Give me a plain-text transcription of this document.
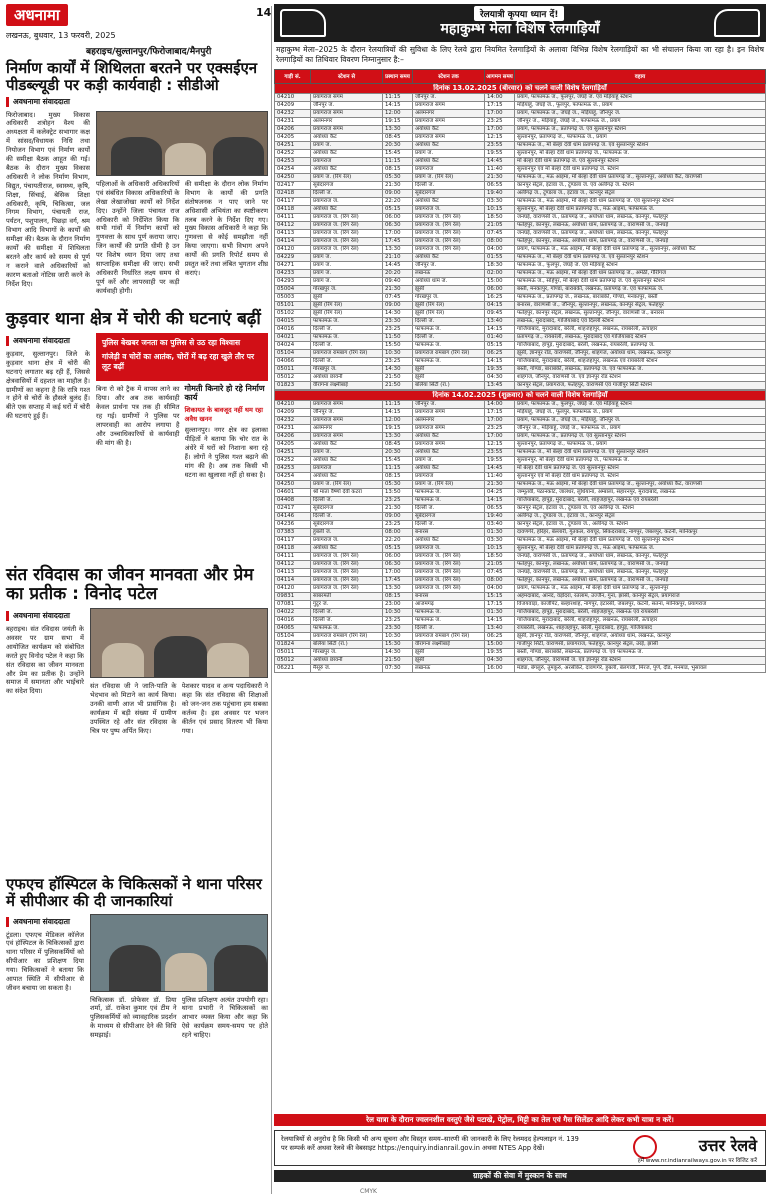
अधनामा	14
लखनऊ, बुधवार, 13 फरवरी, 2025
बहराइच/सुल्तानपुर/फिरोजाबाद/मैनपुरी
निर्माण कार्यों में शिथिलता बरतने पर एक्सईएन पीडब्ल्यूडी पर कड़ी कार्यवाही : सीडीओ
अवधनामा संवाददाता
फिरोजाबाद। मुख्य विकास अधिकारी शत्रोहन वैश्य की अध्यक्षता में कलेक्ट्रेट सभागार कक्ष में सांसद/विधायक निधि तथा नियोजन विभाग एवं निर्माण कार्यों की समीक्षा बैठक आहूत की गई। बैठक के दौरान मुख्य विकास अधिकारी ने लोक निर्माण विभाग, विद्युत, पंचायतीराज, स्वास्थ्य, कृषि, शिक्षा, सिंचाई, बेसिक शिक्षा अधिकारी, कृषि, चिकित्सा, जल निगम विभाग, पंचायती राज, पर्यटन, पशुपालन, पिछड़ा वर्ग, श्रम विभाग आदि विभागों के कार्यों की समीक्षा की। बैठक के दौरान निर्माण कार्यों की समीक्षा में शिथिलता बरतने और कार्य को समय से पूर्ण न कराने वाले अधिकारियों को कारण बताओ नोटिस जारी करने के निर्देश दिए।
पहिलाओं के अधिकारी अधिकारियों एवं संबंधित विकास अधिकारियों के लेखा लेखाजोखा कार्यों को निर्देश दिए। उन्होंने जिला पंचायत राज अधिकारी को निर्देशित किया कि सभी गांवों में निर्माण कार्यों को गुणवत्ता के साथ पूर्ण कराया जाए। जिन कार्यों की प्रगति धीमी है उन पर विशेष ध्यान दिया जाए तथा साप्ताहिक समीक्षा की जाए। सभी अधिकारी निर्धारित लक्ष्य समय से पूर्ण करें और लापरवाही पर कड़ी कार्यवाही होगी।
की समीक्षा के दौरान लोक निर्माण विभाग के कार्यों की प्रगति संतोषजनक न पाए जाने पर अधिशासी अभियंता का स्पष्टीकरण तलब करने के निर्देश दिए गए। मुख्य विकास अधिकारी ने कहा कि गुणवत्ता से कोई समझौता नहीं किया जाएगा। सभी विभाग अपने कार्यों की प्रगति रिपोर्ट समय से प्रस्तुत करें तथा लंबित भुगतान शीघ्र कराएं।
कुड़वार थाना क्षेत्र में चोरी की घटनाएं बढ़ीं
अवधनामा संवाददाता
कुड़वार, सुल्तानपुर। जिले के कुड़वार थाना क्षेत्र में चोरी की घटनाएं लगातार बढ़ रही हैं, जिससे क्षेत्रवासियों में दहशत का माहौल है। ग्रामीणों का कहना है कि रात्रि गश्त न होने से चोरों के हौसले बुलंद हैं। बीते एक सप्ताह में कई घरों में चोरी की घटनाएं हुई हैं।
पुलिस बेखबर जनता का पुलिस से उठ रहा विश्वास
गांजेड़ी व चोरों का आतंक, चोरों में बढ़ रहा खुले तौर पर लूट बढ़ीं
बिना रो को ट्रैक में वापस लाने का दिया। और अब तक कार्यवाही केवल प्रार्थना पत्र तक ही सीमित रह गई। ग्रामीणों ने पुलिस पर लापरवाही का आरोप लगाया है और उच्चाधिकारियों से कार्यवाही की मांग की है।
गोमती किनारे हो रहे निर्माण कार्य
शिकायत के बावजूद नहीं थम रहा अवैध खनन
सुल्तानपुर। नगर क्षेत्र का इलाका पीड़ितों ने बताया कि चोर रात के अंधेरे में घरों को निशाना बना रहे हैं। लोगों ने पुलिस गश्त बढ़ाने की मांग की है। अब तक किसी भी घटना का खुलासा नहीं हो सका है।
संत रविदास का जीवन मानवता और प्रेम का प्रतीक : विनोद पटेल
अवधनामा संवाददाता
बहराइच। संत रविदास जयंती के अवसर पर ग्राम सभा में आयोजित कार्यक्रम को संबोधित करते हुए विनोद पटेल ने कहा कि संत रविदास का जीवन मानवता और प्रेम का प्रतीक है। उन्होंने समाज में समानता और भाईचारे का संदेश दिया।
संत रविदास जी ने जाति-पाति के भेदभाव को मिटाने का कार्य किया। उनकी वाणी आज भी प्रासंगिक है। कार्यक्रम में बड़ी संख्या में ग्रामीण उपस्थित रहे और संत रविदास के चित्र पर पुष्प अर्पित किए।
पेशकार यादव व अन्य पदाधिकारी ने कहा कि संत रविदास की शिक्षाओं को जन-जन तक पहुंचाना हम सबका कर्तव्य है। इस अवसर पर भजन कीर्तन एवं प्रसाद वितरण भी किया गया।
एफएच हॉस्पिटल के चिकित्सकों ने थाना परिसर में सीपीआर की दी जानकारियां
अवधनामा संवाददाता
टूंडला। एफएच मेडिकल कॉलेज एवं हॉस्पिटल के चिकित्सकों द्वारा थाना परिसर में पुलिसकर्मियों को सीपीआर का प्रशिक्षण दिया गया। चिकित्सकों ने बताया कि आपात स्थिति में सीपीआर से जीवन बचाया जा सकता है।
चिकित्सक डॉ. प्रोफेसर डॉ. प्रिया शर्मा, डॉ. राकेश कुमार एवं टीम ने पुलिसकर्मियों को व्यावहारिक प्रदर्शन के माध्यम से सीपीआर देने की विधि समझाई।
पुलिस प्रशिक्षण अत्यंत उपयोगी रहा। थाना प्रभारी ने चिकित्सकों का आभार व्यक्त किया और कहा कि ऐसे कार्यक्रम समय-समय पर होते रहने चाहिए।
रेलयात्री कृपया ध्यान दें!
महाकुम्भ मेला विशेष रेलगाड़ियाँ
महाकुम्भ मेला–2025 के दौरान रेलयात्रियों की सुविधा के लिए रेलवे द्वारा नियमित रेलगाड़ियों के अलावा विभिन्न विशेष रेलगाड़ियों का भी संचालन किया जा रहा है। इन विशेष रेलगाड़ियों का तिथिवार विवरण निम्नानुसार है:–
गाड़ी सं.	स्टेशन से	प्रस्थान समय	स्टेशन तक	आगमन समय	वहाय
दिनांक 13.02.2025 (बीरवार) को चलने वाली विशेष रेलगाड़ियाँ					
04210	प्रयागराज संगम	11:15	जौनपुर ज.	14:00	प्रयाग, फाफामऊ ज., फूलपुर, जंघई ज. एवं मड़ियाहूं स्टेशन
04209	जौनपुर ज.	14:15	प्रयागराज संगम	17:15	मड़ियाहूं, जंघई ज., फूलपुर, फाफामऊ ज., प्रयाग
04232	प्रयागराज संगम	12:00	अलमनगर	17:00	प्रयाग, फाफामऊ ज., जंघई ज., मड़ियाहूं, जौनपुर ज.
04231	अलमनगर	19:15	प्रयागराज संगम	23:25	जौनपुर ज., मड़ियाहूं, जंघई ज., फाफामऊ ज., प्रयाग
04206	प्रयागराज संगम	13:30	अयोध्या कैंट	17:00	प्रयाग, फाफामऊ ज., प्रतापगढ़ ज. एवं सुल्तानपुर स्टेशन
04205	अयोध्या कैंट	08:45	प्रयागराज संगम	12:15	सुल्तानपुर, प्रतापगढ़ ज., फाफामऊ ज., प्रयाग
04251	प्रयाग ज.	20:30	अयोध्या कैंट	23:55	फाफामऊ ज., माँ बेल्हा देवी धाम प्रतापगढ़ ज. एवं सुल्तानपुर स्टेशन
04252	अयोध्या कैंट	15:45	प्रयाग ज.	19:55	सुल्तानपुर, माँ बेल्हा देवी धाम प्रतापगढ़ ज., फाफामऊ ज.
04253	प्रयागराज	11:15	अयोध्या कैंट	14:45	माँ बेल्हा देवी धाम प्रतापगढ़ ज. एवं सुल्तानपुर स्टेशन
04254	अयोध्या कैंट	08:15	प्रयागराज	11:40	सुल्तानपुर एवं माँ बेल्हा देवी धाम प्रतापगढ़ ज. स्टेशन
04250	प्रयाग ज. (रिंग रेल)	05:30	प्रयाग ज. (रिंग रेल)	21:30	फाफामऊ ज., मऊ आइमा, माँ बेल्हा देवी धाम प्रतापगढ़ ज., सुल्तानपुर, अयोध्या कैंट, वाराणसी
02417	सूबेदारगंज	21:30	दिल्ली ज.	06:55	कानपुर सेंट्रल, इटावा ज., टूण्डला ज. एवं अलीगढ़ ज. स्टेशन
02418	दिल्ली ज.	09:00	सूबेदारगंज	19:40	अलीगढ़ ज., टूण्डला ज., इटावा ज., कानपुर सेंट्रल
04117	प्रयागराज ज.	22:20	अयोध्या कैंट	03:30	फाफामऊ ज., मऊ आइमा, माँ बेल्हा देवी धाम प्रतापगढ़ ज. एवं सुल्तानपुर स्टेशन
04118	अयोध्या कैंट	05:15	प्रयागराज ज.	10:15	सुल्तानपुर, माँ बेल्हा देवी धाम प्रतापगढ़ ज., मऊ आइमा, फाफामऊ ज.
04111	प्रयागराज ज. (रिंग रेल)	06:00	प्रयागराज ज. (रिंग रेल)	18:50	जनघई, वाराणसी ज., प्रतापगढ़ ज., अयोध्या धाम, लखनऊ, कानपुर, फतेहपुर
04112	प्रयागराज ज. (रिंग रेल)	06:30	प्रयागराज ज. (रिंग रेल)	21:05	फतेहपुर, कानपुर, लखनऊ, अयोध्या धाम, प्रतापगढ़ ज., वाराणसी ज., जनघई
04113	प्रयागराज ज. (रिंग रेल)	17:00	प्रयागराज ज. (रिंग रेल)	07:45	जनघई, वाराणसी ज., प्रतापगढ़ ज., अयोध्या धाम, लखनऊ, कानपुर, फतेहपुर
04114	प्रयागराज ज. (रिंग रेल)	17:45	प्रयागराज ज. (रिंग रेल)	08:00	फतेहपुर, कानपुर, लखनऊ, अयोध्या धाम, प्रतापगढ़ ज., वाराणसी ज., जनघई
04120	प्रयागराज ज. (रिंग रेल)	13:30	प्रयागराज ज. (रिंग रेल)	04:00	प्रयाग, फाफामऊ ज., मऊ आइमा, माँ बेल्हा देवी धाम प्रतापगढ़ ज., सुल्तानपुर, अयोध्या कैंट
04229	प्रयाग ज.	21:10	अयोध्या कैंट	01:55	फाफामऊ ज., माँ बेल्हा देवी धाम प्रतापगढ़ ज. एवं सुल्तानपुर स्टेशन
04271	प्रयाग ज.	14:45	जौनपुर ज.	18:30	फाफामऊ ज., फूलपुर, जंघई ज. एवं मड़ियाहूं स्टेशन
04233	प्रयाग ज.	20:20	लखनऊ	02:00	फाफामऊ ज., मऊ आइमा, माँ बेल्हा देवी धाम प्रतापगढ़ ज., अमेठी, गौरीगंज
04293	प्रयाग ज.	09:40	अयोध्या धाम ज.	15:00	फाफामऊ ज., सोहेपुर, माँ बेल्हा देवी धाम प्रतापगढ़ ज. एवं सुल्तानपुर स्टेशन
05004	गोरखपुर ज.	21:30	झूंसी	06:00	बस्ती, मनकापुर, गोण्डा, बाराबंकी, लखनऊ, प्रतापगढ़ ज. एवं फाफामऊ ज.
05003	झूंसी	07:45	गोरखपुर ज.	16:25	फाफामऊ ज., प्रतापगढ़ ज., लखनऊ, बाराबंकी, गोण्डा, मनकापुर, बस्ती
05101	झूंसी (रिंग रेल)	09:00	झूंसी (रिंग रेल)	04:15	बनारस, वाराणसी ज., जौनपुर, सुल्तानपुर, लखनऊ, कानपुर सेंट्रल, फतेहपुर
05102	झूंसी (रिंग रेल)	14:30	झूंसी (रिंग रेल)	09:45	फतेहपुर, कानपुर सेंट्रल, लखनऊ, सुल्तानपुर, जौनपुर, वाराणसी ज., बनारस
04015	फाफामऊ ज.	23:30	दिल्ली ज.	13:40	लखनऊ, मुरादाबाद, गाजियाबाद एवं दिल्ली स्टेशन
04016	दिल्ली ज.	23:25	फाफामऊ ज.	14:15	गाजियाबाद, मुरादाबाद, बरेली, शाहजहांपुर, लखनऊ, रायबरेली, ऊंचाहार
04021	फाफामऊ ज.	11:50	दिल्ली ज.	01:40	प्रतापगढ़ ज., रायबरेली, लखनऊ, मुरादाबाद एवं गाजियाबाद स्टेशन
04024	दिल्ली ज.	15:50	फाफामऊ ज.	05:15	गाजियाबाद, हापुड़, मुरादाबाद, बरेली, लखनऊ, रायबरेली, प्रतापगढ़ ज.
05104	प्रयागराज रामबाग (रिंग रेल)	10:30	प्रयागराज रामबाग (रिंग रेल)	06:25	झूंसी, ज्ञानपुर रोड, वाराणसी, जौनपुर, शाहगंज, अयोध्या धाम, लखनऊ, कानपुर
04066	दिल्ली ज.	23:25	फाफामऊ ज.	14:15	गाजियाबाद, मुरादाबाद, बरेली, शाहजहांपुर, लखनऊ एवं रायबरेली स्टेशन
05011	गोरखपुर ज.	14:30	झूंसी	19:35	बस्ती, गोण्डा, बाराबंकी, लखनऊ, प्रतापगढ़ ज. एवं फाफामऊ ज.
05012	अयोध्या छावनी	21:50	झूंसी	04:30	शाहगंज, जौनपुर, वाराणसी ज. एवं ज्ञानपुर रोड स्टेशन
01823	वीरांगना लक्ष्मीबाई	21:50	बलिया सिटी (रा.)	13:45	कानपुर सेंट्रल, प्रयागराज, फतेहपुर, वाराणसी एवं गाजीपुर सिटी स्टेशन
दिनांक 14.02.2025 (शुक्रवार) को चलने वाली विशेष रेलगाड़ियाँ					
04210	प्रयागराज संगम	11:15	जौनपुर ज.	14:00	प्रयाग, फाफामऊ ज., फूलपुर, जंघई ज. एवं मड़ियाहूं स्टेशन
04209	जौनपुर ज.	14:15	प्रयागराज संगम	17:15	मड़ियाहूं, जंघई ज., फूलपुर, फाफामऊ ज., प्रयाग
04232	प्रयागराज संगम	12:00	अलमनगर	17:00	प्रयाग, फाफामऊ ज., जंघई ज., मड़ियाहूं, जौनपुर ज.
04231	अलमनगर	19:15	प्रयागराज संगम	23:25	जौनपुर ज., मड़ियाहूं, जंघई ज., फाफामऊ ज., प्रयाग
04206	प्रयागराज संगम	13:30	अयोध्या कैंट	17:00	प्रयाग, फाफामऊ ज., प्रतापगढ़ ज. एवं सुल्तानपुर स्टेशन
04205	अयोध्या कैंट	08:45	प्रयागराज संगम	12:15	सुल्तानपुर, प्रतापगढ़ ज., फाफामऊ ज., प्रयाग
04251	प्रयाग ज.	20:30	अयोध्या कैंट	23:55	फाफामऊ ज., माँ बेल्हा देवी धाम प्रतापगढ़ ज. एवं सुल्तानपुर स्टेशन
04252	अयोध्या कैंट	15:45	प्रयाग ज.	19:55	सुल्तानपुर, माँ बेल्हा देवी धाम प्रतापगढ़ ज., फाफामऊ ज.
04253	प्रयागराज	11:15	अयोध्या कैंट	14:45	माँ बेल्हा देवी धाम प्रतापगढ़ ज. एवं सुल्तानपुर स्टेशन
04254	अयोध्या कैंट	08:15	प्रयागराज	11:40	सुल्तानपुर एवं माँ बेल्हा देवी धाम प्रतापगढ़ ज. स्टेशन
04250	प्रयाग ज. (रिंग रेल)	05:30	प्रयाग ज. (रिंग रेल)	21:30	फाफामऊ ज., मऊ आइमा, माँ बेल्हा देवी धाम प्रतापगढ़ ज., सुल्तानपुर, अयोध्या कैंट, वाराणसी
04601	श्री माता वैष्णो देवी कटरा	13:50	फाफामऊ ज.	04:25	जम्मूतवी, पठानकोट, जालंधर, लुधियाना, अम्बाला, सहारनपुर, मुरादाबाद, लखनऊ
04408	दिल्ली ज.	23:25	फाफामऊ ज.	14:15	गाजियाबाद, हापुड़, मुरादाबाद, बरेली, शाहजहांपुर, लखनऊ एवं रायबरेली
02417	सूबेदारगंज	21:30	दिल्ली ज.	06:55	कानपुर सेंट्रल, इटावा ज., टूण्डला ज. एवं अलीगढ़ ज. स्टेशन
04146	दिल्ली ज.	09:00	सूबेदारगंज	19:40	अलीगढ़ ज., टूण्डला ज., इटावा ज., कानपुर सेंट्रल
04236	सूबेदारगंज	23:25	दिल्ली ज.	03:40	कानपुर सेंट्रल, इटावा ज., टूण्डला ज., अलीगढ़ ज. स्टेशन
07383	हुबली ज.	08:00	बनारस	01:30	दावणगेरे, हरिहर, बेल्लारी, गुंतकल, रायचूर, सिकंदराबाद, नागपुर, जबलपुर, कटनी, मानिकपुर
04117	प्रयागराज ज.	22:20	अयोध्या कैंट	03:30	फाफामऊ ज., मऊ आइमा, माँ बेल्हा देवी धाम प्रतापगढ़ ज. एवं सुल्तानपुर स्टेशन
04118	अयोध्या कैंट	05:15	प्रयागराज ज.	10:15	सुल्तानपुर, माँ बेल्हा देवी धाम प्रतापगढ़ ज., मऊ आइमा, फाफामऊ ज.
04111	प्रयागराज ज. (रिंग रेल)	06:00	प्रयागराज ज. (रिंग रेल)	18:50	जनघई, वाराणसी ज., प्रतापगढ़ ज., अयोध्या धाम, लखनऊ, कानपुर, फतेहपुर
04112	प्रयागराज ज. (रिंग रेल)	06:30	प्रयागराज ज. (रिंग रेल)	21:05	फतेहपुर, कानपुर, लखनऊ, अयोध्या धाम, प्रतापगढ़ ज., वाराणसी ज., जनघई
04113	प्रयागराज ज. (रिंग रेल)	17:00	प्रयागराज ज. (रिंग रेल)	07:45	जनघई, वाराणसी ज., प्रतापगढ़ ज., अयोध्या धाम, लखनऊ, कानपुर, फतेहपुर
04114	प्रयागराज ज. (रिंग रेल)	17:45	प्रयागराज ज. (रिंग रेल)	08:00	फतेहपुर, कानपुर, लखनऊ, अयोध्या धाम, प्रतापगढ़ ज., वाराणसी ज., जनघई
04120	प्रयागराज ज. (रिंग रेल)	13:30	प्रयागराज ज. (रिंग रेल)	04:00	प्रयाग, फाफामऊ ज., मऊ आइमा, माँ बेल्हा देवी धाम प्रतापगढ़ ज., सुल्तानपुर
09831	साबरमती	08:15	बनारस	15:15	अहमदाबाद, आनंद, वड़ोदरा, रतलाम, उज्जैन, गुना, झांसी, कानपुर सेंट्रल, प्रयागराज
07081	गुंटूर ज.	23:00	आजमगढ़	17:15	विजयवाड़ा, काजीपेट, बल्हारशाह, नागपुर, इटारसी, जबलपुर, कटनी, सतना, मानिकपुर, प्रयागराज
04022	दिल्ली ज.	10:30	फाफामऊ ज.	01:30	गाजियाबाद, हापुड़, मुरादाबाद, बरेली, शाहजहांपुर, लखनऊ एवं रायबरेली
04016	दिल्ली ज.	23:25	फाफामऊ ज.	14:15	गाजियाबाद, मुरादाबाद, बरेली, शाहजहांपुर, लखनऊ, रायबरेली, ऊंचाहार
04065	फाफामऊ ज.	23:30	दिल्ली ज.	13:40	रायबरेली, लखनऊ, शाहजहांपुर, बरेली, मुरादाबाद, हापुड़, गाजियाबाद
05104	प्रयागराज रामबाग (रिंग रेल)	10:30	प्रयागराज रामबाग (रिंग रेल)	06:25	झूंसी, ज्ञानपुर रोड, वाराणसी, जौनपुर, शाहगंज, अयोध्या धाम, लखनऊ, कानपुर
01824	बलिया सिटी (रा.)	15:30	वीरांगना लक्ष्मीबाई	15:00	गाजीपुर सिटी, वाराणसी, प्रयागराज, फतेहपुर, कानपुर सेंट्रल, उरई, झांसी
05011	गोरखपुर ज.	14:30	झूंसी	19:35	बस्ती, गोण्डा, बाराबंकी, लखनऊ, प्रतापगढ़ ज. एवं फाफामऊ ज.
05012	अयोध्या छावनी	21:50	झूंसी	04:30	शाहगंज, जौनपुर, वाराणसी ज. एवं ज्ञानपुर रोड स्टेशन
06221	मैसूरु ज.	07:30	लखनऊ	16:00	मंड्या, बेंगलुरु, तुमकुरु, अरसीकेरे, दावणगेरे, हुबली, बेलगावी, मिरज, पुणे, दौंड, मनमाड, भुसावल
रेल यात्रा के दौरान ज्वलनशील वस्तुएं जैसे पटाखे, पेट्रोल, मिट्टी का तेल एवं गैस सिलेंडर आदि लेकर कभी यात्रा न करें।
रेलयात्रियों से अनुरोध है कि किसी भी अन्य सूचना और विस्तृत समय–सारणी की जानकारी के लिए रेलमदद हेल्पलाइन नं. 139 पर सम्पर्क करें अथवा रेलवे की वेबसाइट https://enquiry.indianrail.gov.in अथवा NTES App देखें।	उत्तर रेलवे
हमें www.nr.indianrailways.gov.in पर विजिट करें
ग्राहकों की सेवा में मुस्कान के साथ
CMYK
